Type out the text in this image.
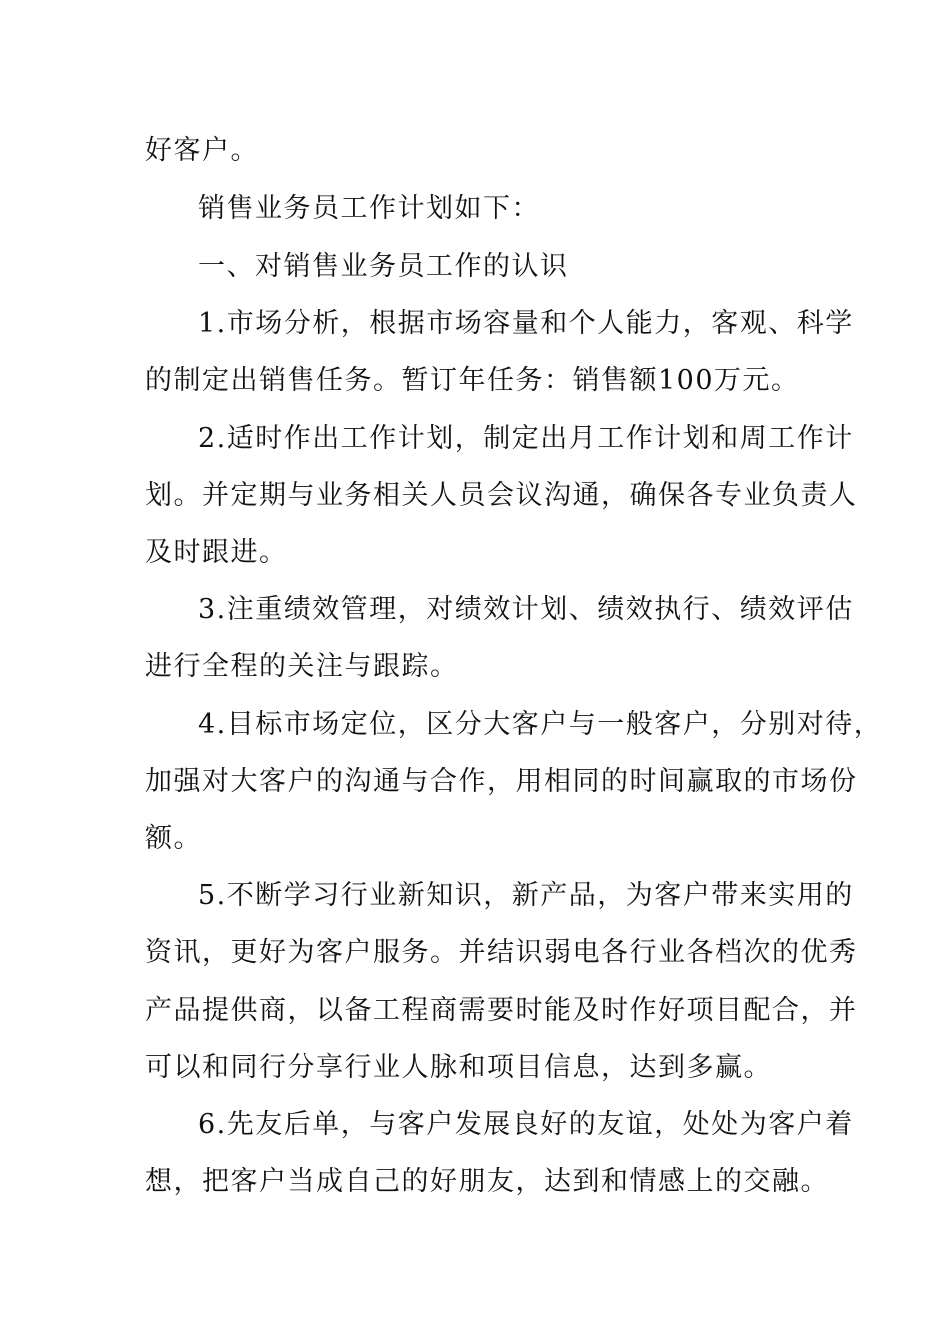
好客户。
销售业务员工作计划如下：
一、对销售业务员工作的认识
1.市场分析，根据市场容量和个人能力，客观、科学
的制定出销售任务。暂订年任务：销售额100万元。
2.适时作出工作计划，制定出月工作计划和周工作计
划。并定期与业务相关人员会议沟通，确保各专业负责人
及时跟进。
3.注重绩效管理，对绩效计划、绩效执行、绩效评估
进行全程的关注与跟踪。
4.目标市场定位，区分大客户与一般客户，分别对待，
加强对大客户的沟通与合作，用相同的时间赢取的市场份
额。
5.不断学习行业新知识，新产品，为客户带来实用的
资讯，更好为客户服务。并结识弱电各行业各档次的优秀
产品提供商，以备工程商需要时能及时作好项目配合，并
可以和同行分享行业人脉和项目信息，达到多赢。
6.先友后单，与客户发展良好的友谊，处处为客户着
想，把客户当成自己的好朋友，达到和情感上的交融。
